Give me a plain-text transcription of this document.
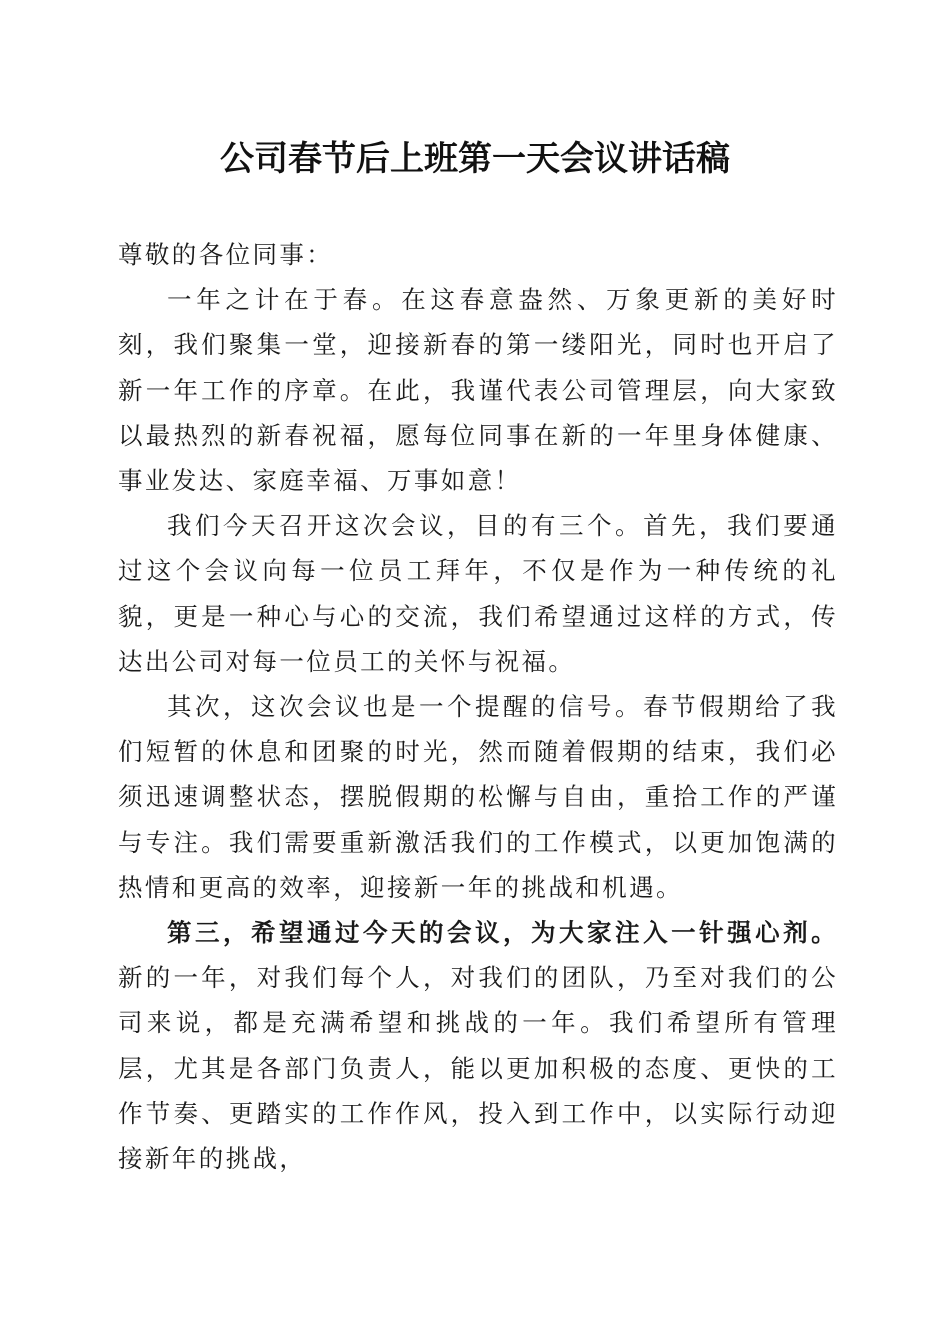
公司春节后上班第一天会议讲话稿

尊敬的各位同事：

一年之计在于春。在这春意盎然、万象更新的美好时刻，我们聚集一堂，迎接新春的第一缕阳光，同时也开启了新一年工作的序章。在此，我谨代表公司管理层，向大家致以最热烈的新春祝福，愿每位同事在新的一年里身体健康、事业发达、家庭幸福、万事如意！

我们今天召开这次会议，目的有三个。首先，我们要通过这个会议向每一位员工拜年，不仅是作为一种传统的礼貌，更是一种心与心的交流，我们希望通过这样的方式，传达出公司对每一位员工的关怀与祝福。

其次，这次会议也是一个提醒的信号。春节假期给了我们短暂的休息和团聚的时光，然而随着假期的结束，我们必须迅速调整状态，摆脱假期的松懈与自由，重拾工作的严谨与专注。我们需要重新激活我们的工作模式，以更加饱满的热情和更高的效率，迎接新一年的挑战和机遇。

第三，希望通过今天的会议，为大家注入一针强心剂。新的一年，对我们每个人，对我们的团队，乃至对我们的公司来说，都是充满希望和挑战的一年。我们希望所有管理层，尤其是各部门负责人，能以更加积极的态度、更快的工作节奏、更踏实的工作作风，投入到工作中，以实际行动迎接新年的挑战，
